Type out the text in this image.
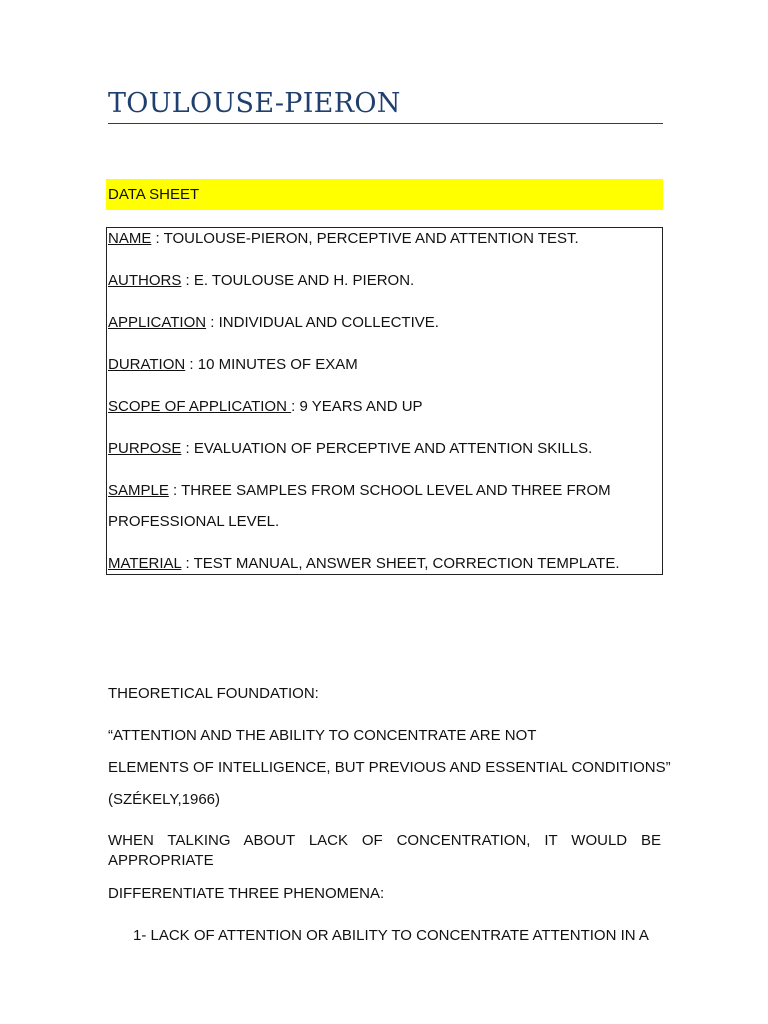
TOULOUSE-PIERON
DATA SHEET
NAME : TOULOUSE-PIERON, PERCEPTIVE AND ATTENTION TEST.
AUTHORS : E. TOULOUSE AND H. PIERON.
APPLICATION : INDIVIDUAL AND COLLECTIVE.
DURATION : 10 MINUTES OF EXAM
SCOPE OF APPLICATION : 9 YEARS AND UP
PURPOSE : EVALUATION OF PERCEPTIVE AND ATTENTION SKILLS.
SAMPLE : THREE SAMPLES FROM SCHOOL LEVEL AND THREE FROM
PROFESSIONAL LEVEL.
MATERIAL : TEST MANUAL, ANSWER SHEET, CORRECTION TEMPLATE.
THEORETICAL FOUNDATION:
“ATTENTION AND THE ABILITY TO CONCENTRATE ARE NOT
ELEMENTS OF INTELLIGENCE, BUT PREVIOUS AND ESSENTIAL CONDITIONS”
(SZÉKELY,1966)
WHEN TALKING ABOUT LACK OF CONCENTRATION, IT WOULD BE
APPROPRIATE
DIFFERENTIATE THREE PHENOMENA:
1- LACK OF ATTENTION OR ABILITY TO CONCENTRATE ATTENTION IN A
